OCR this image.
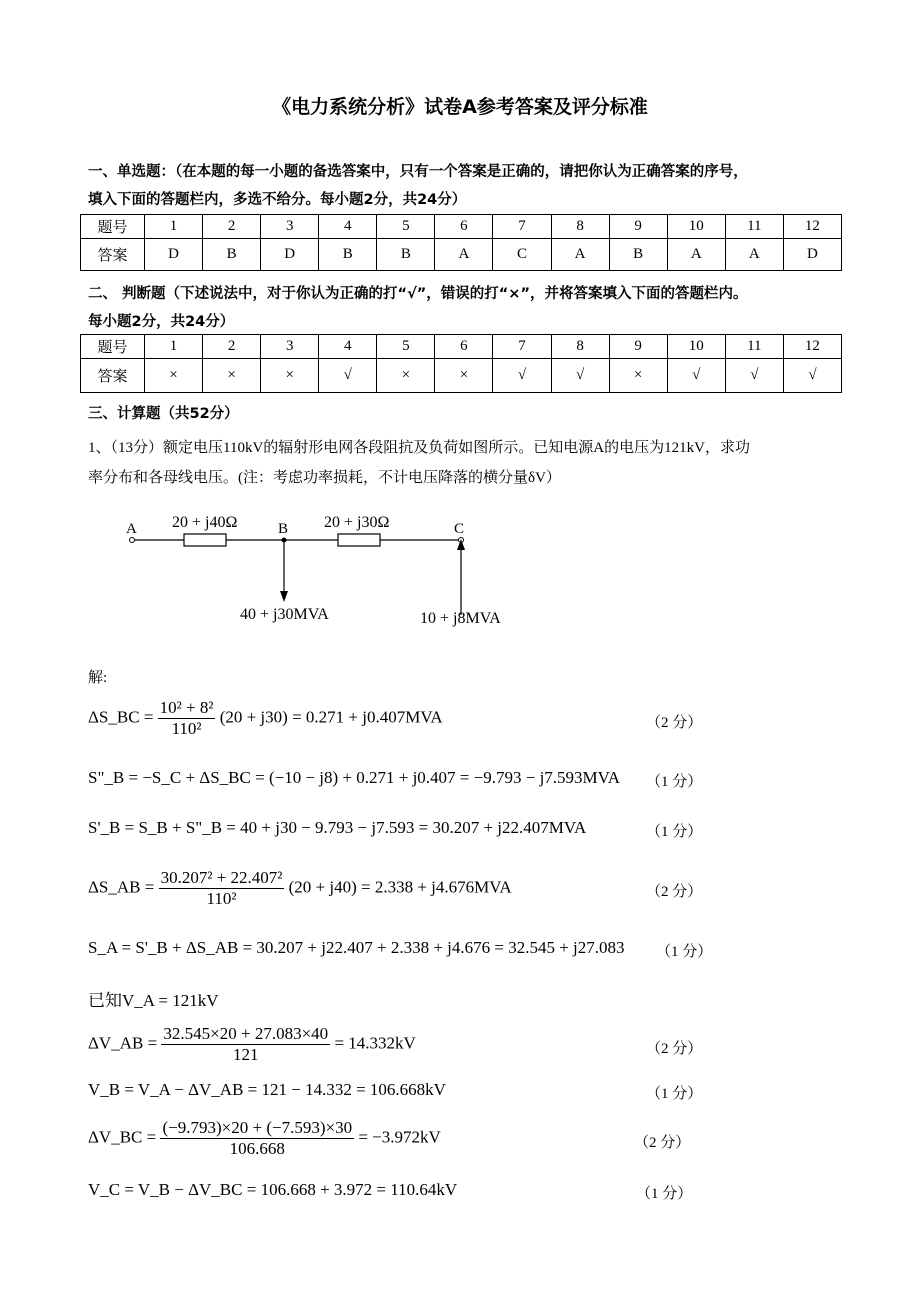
《电力系统分析》试卷A参考答案及评分标准
一、单选题：（在本题的每一小题的备选答案中，只有一个答案是正确的，请把你认为正确答案的序号，
填入下面的答题栏内，多选不给分。每小题2分，共24分）
题号	1	2	3	4	5	6	7	8	9	10	11	12
答案	D	B	D	B	B	A	C	A	B	A	A	D
二、 判断题（下述说法中，对于你认为正确的打“√”，错误的打“×”，并将答案填入下面的答题栏内。
每小题2分，共24分）
题号	1	2	3	4	5	6	7	8	9	10	11	12
答案	×	×	×	√	×	×	√	√	×	√	√	√
三、计算题（共52分）
1、（13分）额定电压110kV的辐射形电网各段阻抗及负荷如图所示。已知电源A的电压为121kV，求功
率分布和各母线电压。(注：考虑功率损耗，不计电压降落的横分量δV）
A	B	C
20 + j40Ω	20 + j30Ω
40 + j30MVA	10 + j8MVA
解:
ΔS_BC = $\frac{\text{10² + 8²}}{\text{110²}} (20 + j30) = 0.271 + j0.407MVA$	（2 分）
S"_B = −S_C + ΔS_BC = (−10 − j8) + 0.271 + j0.407 = −9.793 − j7.593MVA （1 分）
S'_B = S_B + S"_B = 40 + j30 − 9.793 − j7.593 = 30.207 + j22.407MVA	（1 分）
ΔS_AB = $\frac{\text{30.207² + 22.407²}}{\text{110²}} (20 + j40) = 2.338 + j4.676MVA$	（2 分）
S_A = S'_B + ΔS_AB = 30.207 + j22.407 + 2.338 + j4.676 = 32.545 + j27.083 （1 分）
已知V_A = 121kV
ΔV_AB = $\frac{32.545\times 20 + 27.083\times 40}{121} = 14.332kV$	（2 分）
V_B = V_A − ΔV_AB = 121 − 14.332 = 106.668kV	（1 分）
ΔV_BC = $\frac{(-9.793)\times 20 + (-7.593)\times 30}{106.668} = -3.972kV$	（2 分）
V_C = V_B − ΔV_BC = 106.668 + 3.972 = 110.64kV	（1 分）
